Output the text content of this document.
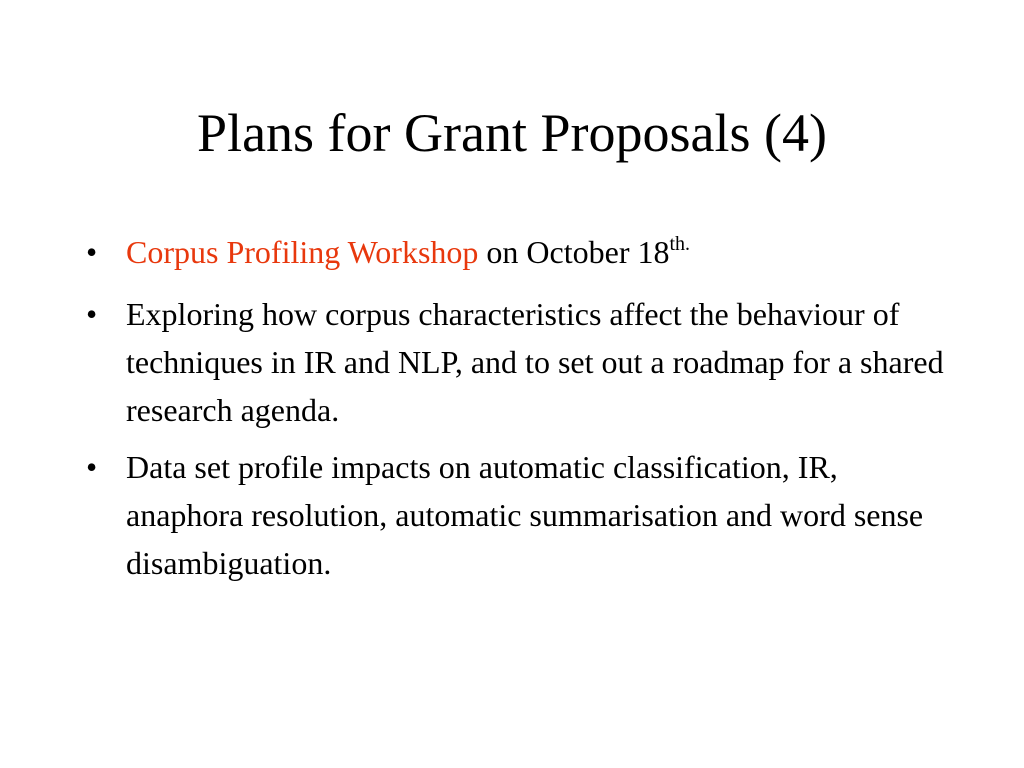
Plans for Grant Proposals (4)
• Corpus Profiling Workshop on October $18^{th.}$
• Exploring how corpus characteristics affect the behaviour of techniques in IR and NLP, and to set out a roadmap for a shared research agenda.
• Data set profile impacts on automatic classification, IR, anaphora resolution, automatic summarisation and word sense disambiguation.
